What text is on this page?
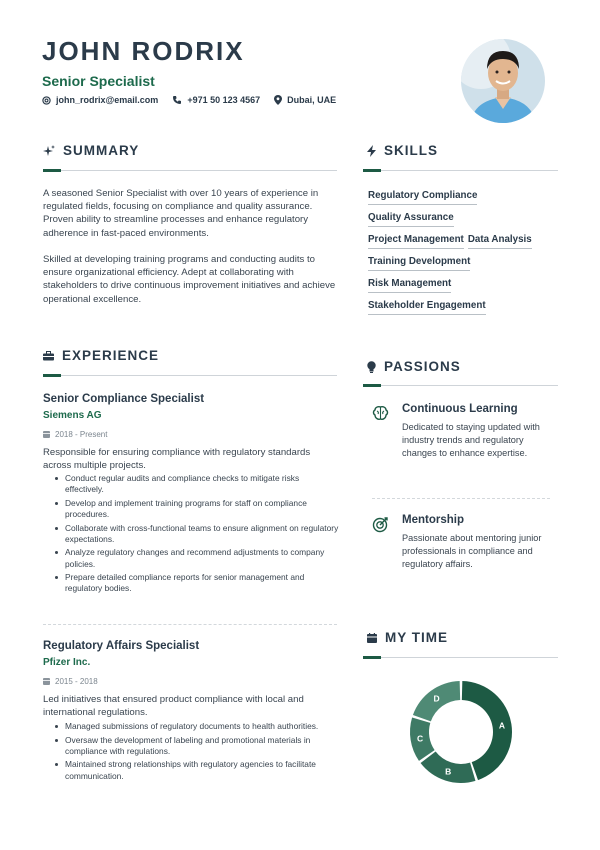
JOHN RODRIX
Senior Specialist
john_rodrix@email.com	+971 50 123 4567	Dubai, UAE
SUMMARY
A seasoned Senior Specialist with over 10 years of experience in regulated fields, focusing on compliance and quality assurance. Proven ability to streamline processes and enhance regulatory adherence in fast-paced environments.
Skilled at developing training programs and conducting audits to ensure organizational efficiency. Adept at collaborating with stakeholders to drive continuous improvement initiatives and achieve operational excellence.
SKILLS
Regulatory Compliance
Quality Assurance
Project Management Data Analysis
Training Development
Risk Management
Stakeholder Engagement
EXPERIENCE
Senior Compliance Specialist
Siemens AG
2018 - Present
Responsible for ensuring compliance with regulatory standards across multiple projects.
Conduct regular audits and compliance checks to mitigate risks effectively.
Develop and implement training programs for staff on compliance procedures.
Collaborate with cross-functional teams to ensure alignment on regulatory expectations.
Analyze regulatory changes and recommend adjustments to company policies.
Prepare detailed compliance reports for senior management and regulatory bodies.
Regulatory Affairs Specialist
Pfizer Inc.
2015 - 2018
Led initiatives that ensured product compliance with local and international regulations.
Managed submissions of regulatory documents to health authorities.
Oversaw the development of labeling and promotional materials in compliance with regulations.
Maintained strong relationships with regulatory agencies to facilitate communication.
PASSIONS
Continuous Learning
Dedicated to staying updated with industry trends and regulatory changes to enhance expertise.
Mentorship
Passionate about mentoring junior professionals in compliance and regulatory affairs.
MY TIME
A
B
C
D
